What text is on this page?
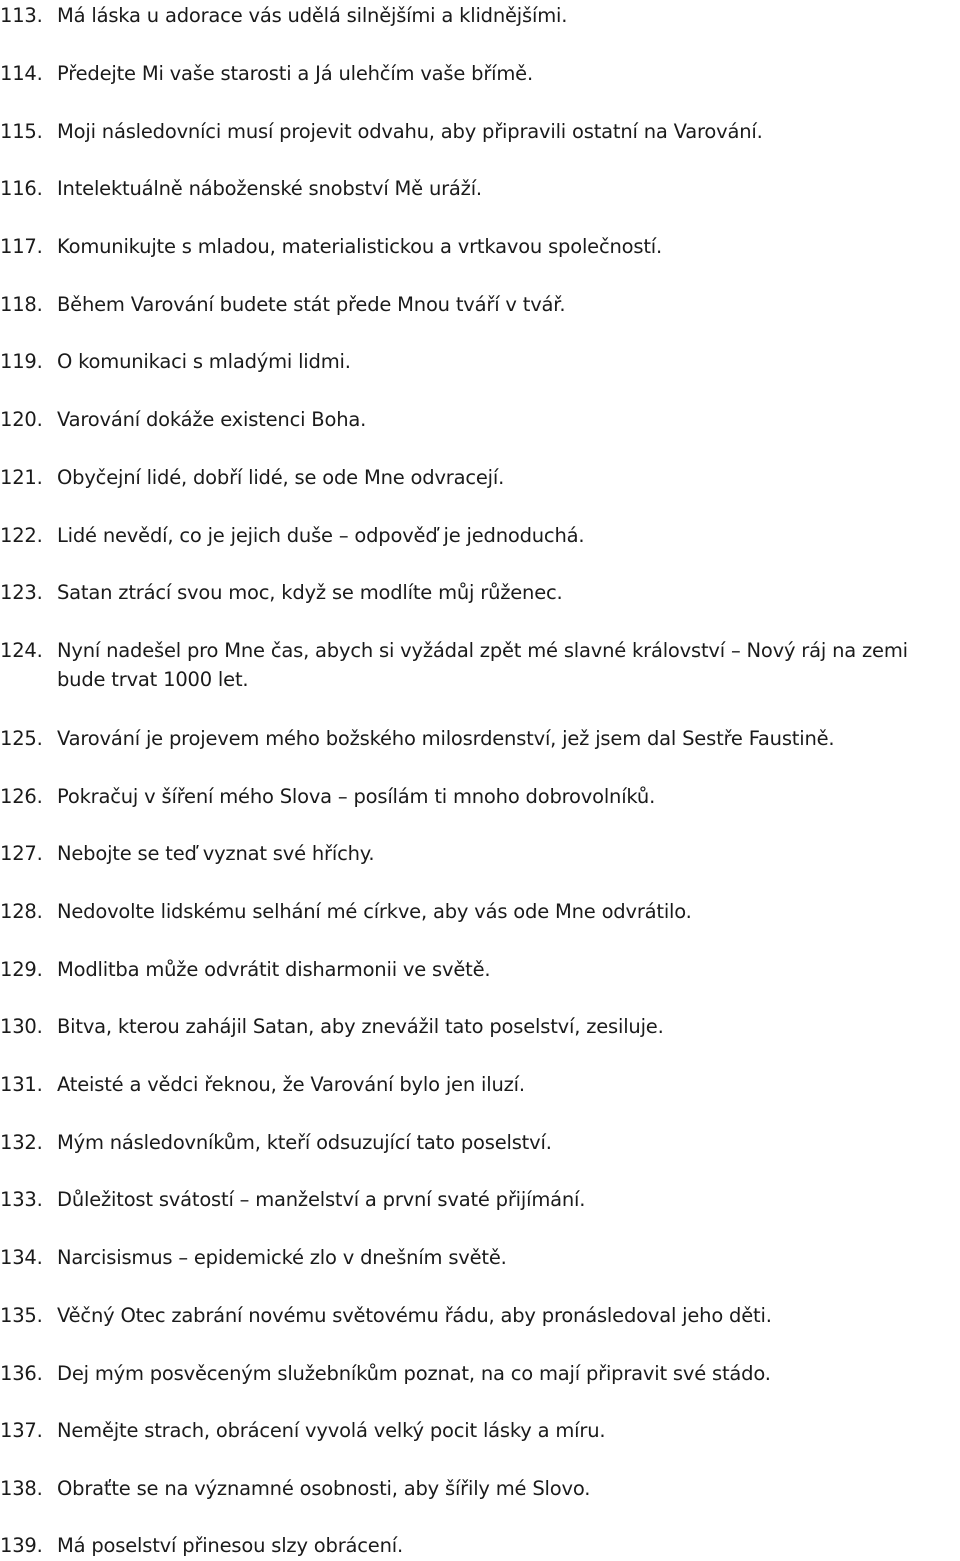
113. Má láska u adorace vás udělá silnějšími a klidnějšími.
114. Předejte Mi vaše starosti a Já ulehčím vaše břímě.
115. Moji následovníci musí projevit odvahu, aby připravili ostatní na Varování.
116. Intelektuálně náboženské snobství Mě uráží.
117. Komunikujte s mladou, materialistickou a vrtkavou společností.
118. Během Varování budete stát přede Mnou tváří v tvář.
119. O komunikaci s mladými lidmi.
120. Varování dokáže existenci Boha.
121. Obyčejní lidé, dobří lidé, se ode Mne odvracejí.
122. Lidé nevědí, co je jejich duše – odpověď je jednoduchá.
123. Satan ztrácí svou moc, když se modlíte můj růženec.
124. Nyní nadešel pro Mne čas, abych si vyžádal zpět mé slavné království – Nový ráj na zemi bude trvat 1000 let.
125. Varování je projevem mého božského milosrdenství, jež jsem dal Sestře Faustině.
126. Pokračuj v šíření mého Slova – posílám ti mnoho dobrovolníků.
127. Nebojte se teď vyznat své hříchy.
128. Nedovolte lidskému selhání mé církve, aby vás ode Mne odvrátilo.
129. Modlitba může odvrátit disharmonii ve světě.
130. Bitva, kterou zahájil Satan, aby znevážil tato poselství, zesiluje.
131. Ateisté a vědci řeknou, že Varování bylo jen iluzí.
132. Mým následovníkům, kteří odsuzující tato poselství.
133. Důležitost svátostí – manželství a první svaté přijímání.
134. Narcisismus – epidemické zlo v dnešním světě.
135. Věčný Otec zabrání novému světovému řádu, aby pronásledoval jeho děti.
136. Dej mým posvěceným služebníkům poznat, na co mají připravit své stádo.
137. Nemějte strach, obrácení vyvolá velký pocit lásky a míru.
138. Obraťte se na významné osobnosti, aby šířily mé Slovo.
139. Má poselství přinesou slzy obrácení.
